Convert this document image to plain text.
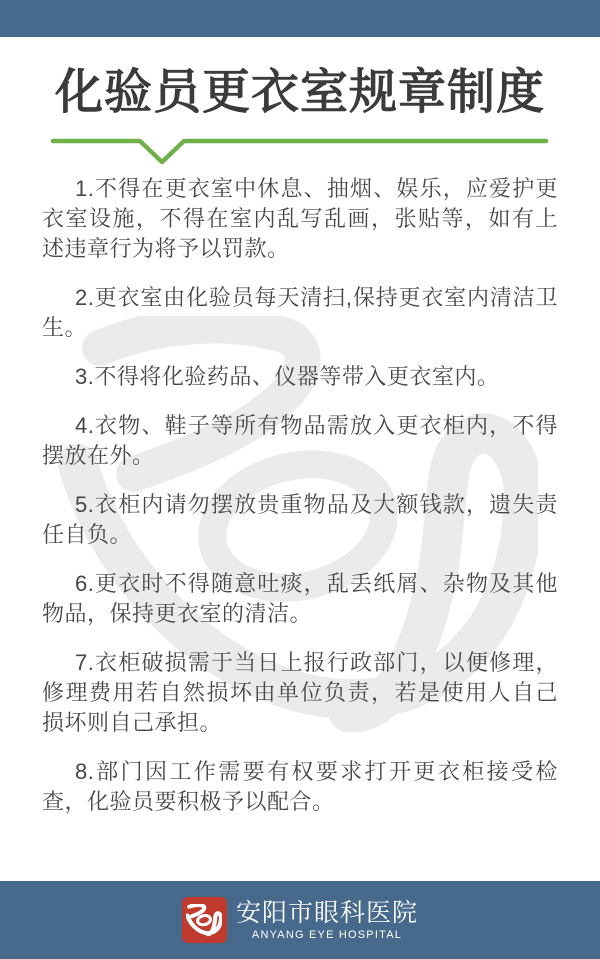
化验员更衣室规章制度

1.不得在更衣室中休息、抽烟、娱乐，应爱护更衣室设施，不得在室内乱写乱画，张贴等，如有上述违章行为将予以罚款。

2.更衣室由化验员每天清扫,保持更衣室内清洁卫生。

3.不得将化验药品、仪器等带入更衣室内。

4.衣物、鞋子等所有物品需放入更衣柜内，不得摆放在外。

5.衣柜内请勿摆放贵重物品及大额钱款，遗失责任自负。

6.更衣时不得随意吐痰，乱丢纸屑、杂物及其他物品，保持更衣室的清洁。

7.衣柜破损需于当日上报行政部门，以便修理，修理费用若自然损坏由单位负责，若是使用人自己损坏则自己承担。

8.部门因工作需要有权要求打开更衣柜接受检查，化验员要积极予以配合。

安阳市眼科医院
ANYANG EYE HOSPITAL
